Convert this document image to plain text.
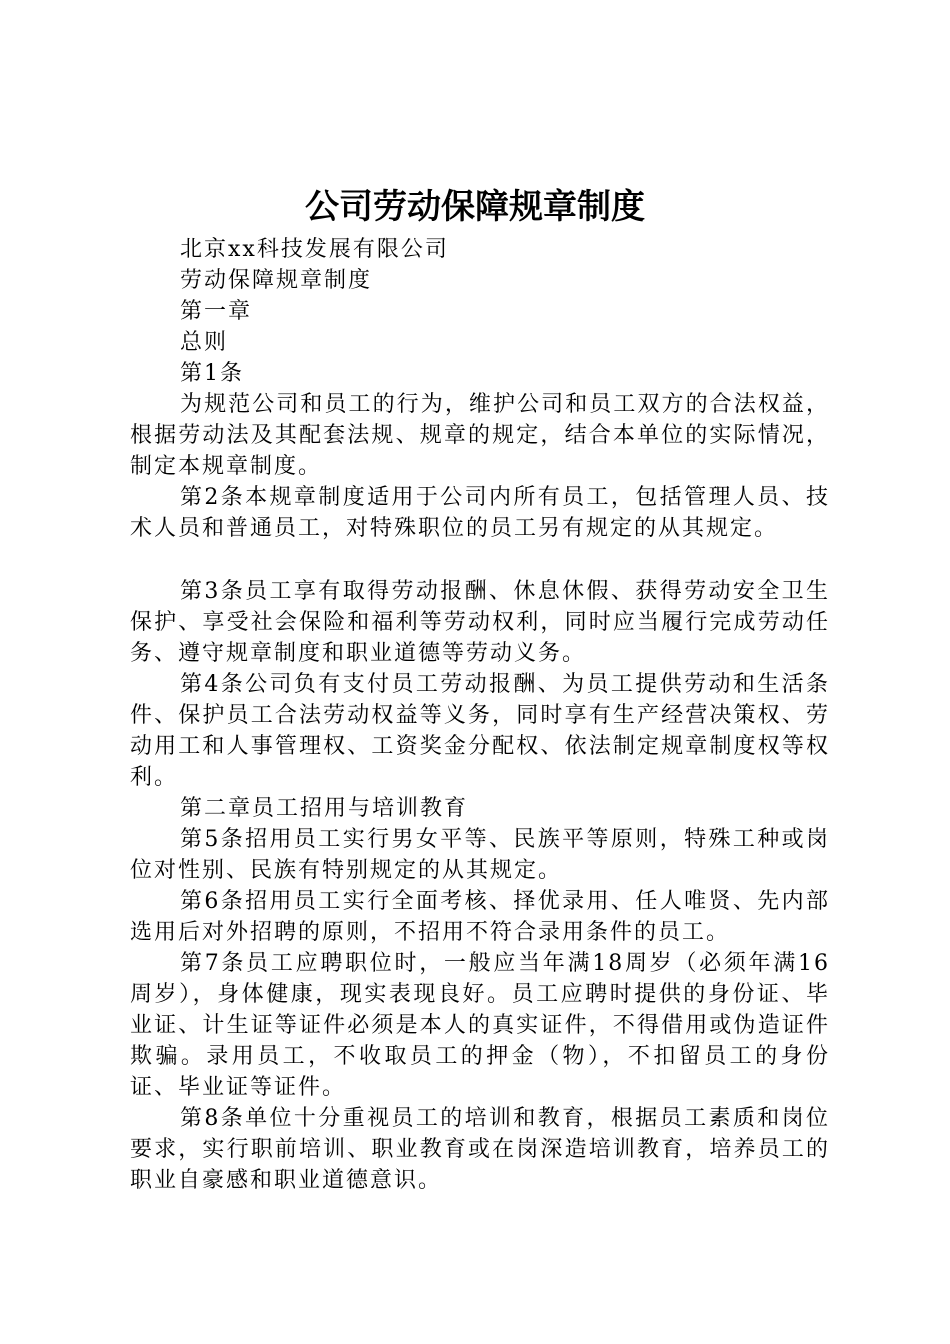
公司劳动保障规章制度

北京xx科技发展有限公司

劳动保障规章制度

第一章

总则

第1条

为规范公司和员工的行为，维护公司和员工双方的合法权益，根据劳动法及其配套法规、规章的规定，结合本单位的实际情况，制定本规章制度。

第2条本规章制度适用于公司内所有员工，包括管理人员、技术人员和普通员工，对特殊职位的员工另有规定的从其规定。

第3条员工享有取得劳动报酬、休息休假、获得劳动安全卫生保护、享受社会保险和福利等劳动权利，同时应当履行完成劳动任务、遵守规章制度和职业道德等劳动义务。

第4条公司负有支付员工劳动报酬、为员工提供劳动和生活条件、保护员工合法劳动权益等义务，同时享有生产经营决策权、劳动用工和人事管理权、工资奖金分配权、依法制定规章制度权等权利。

第二章员工招用与培训教育

第5条招用员工实行男女平等、民族平等原则，特殊工种或岗位对性别、民族有特别规定的从其规定。

第6条招用员工实行全面考核、择优录用、任人唯贤、先内部选用后对外招聘的原则，不招用不符合录用条件的员工。

第7条员工应聘职位时，一般应当年满18周岁（必须年满16周岁），身体健康，现实表现良好。员工应聘时提供的身份证、毕业证、计生证等证件必须是本人的真实证件，不得借用或伪造证件欺骗。录用员工，不收取员工的押金（物），不扣留员工的身份证、毕业证等证件。

第8条单位十分重视员工的培训和教育，根据员工素质和岗位要求，实行职前培训、职业教育或在岗深造培训教育，培养员工的职业自豪感和职业道德意识。
